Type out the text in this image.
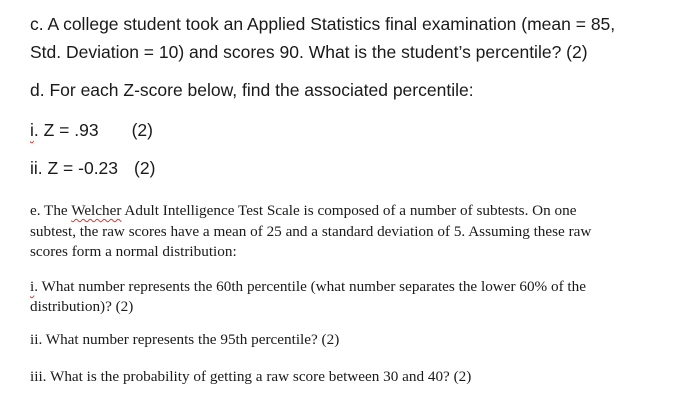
c. A college student took an Applied Statistics final examination (mean = 85,
Std. Deviation = 10) and scores 90. What is the student’s percentile? (2)
d. For each Z-score below, find the associated percentile:
i. Z = .93 (2)
ii. Z = -0.23 (2)
e. The Welcher Adult Intelligence Test Scale is composed of a number of subtests. On one
subtest, the raw scores have a mean of 25 and a standard deviation of 5. Assuming these raw
scores form a normal distribution:
i. What number represents the 60th percentile (what number separates the lower 60% of the
distribution)? (2)
ii. What number represents the 95th percentile? (2)
iii. What is the probability of getting a raw score between 30 and 40? (2)
